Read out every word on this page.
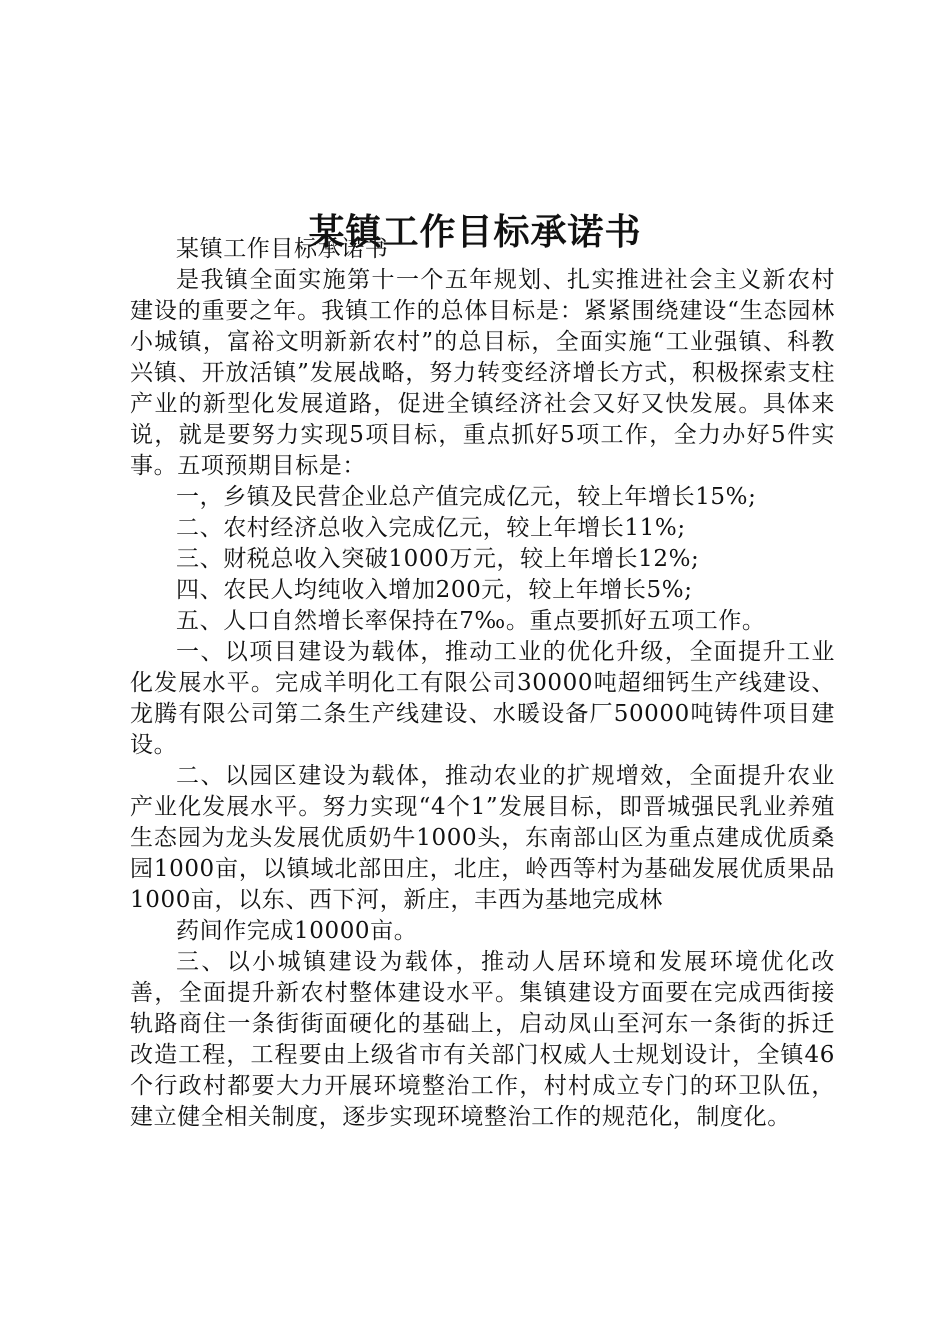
某镇工作目标承诺书

某镇工作目标承诺书

是我镇全面实施第十一个五年规划、扎实推进社会主义新农村建设的重要之年。我镇工作的总体目标是：紧紧围绕建设“生态园林小城镇，富裕文明新新农村”的总目标，全面实施“工业强镇、科教兴镇、开放活镇”发展战略，努力转变经济增长方式，积极探索支柱产业的新型化发展道路，促进全镇经济社会又好又快发展。具体来说，就是要努力实现5项目标，重点抓好5项工作，全力办好5件实事。五项预期目标是：

一，乡镇及民营企业总产值完成亿元，较上年增长15%;

二、农村经济总收入完成亿元，较上年增长11%;

三、财税总收入突破1000万元，较上年增长12%;

四、农民人均纯收入增加200元，较上年增长5%;

五、人口自然增长率保持在7‰。重点要抓好五项工作。

一、以项目建设为载体，推动工业的优化升级，全面提升工业化发展水平。完成羊明化工有限公司30000吨超细钙生产线建设、龙腾有限公司第二条生产线建设、水暖设备厂50000吨铸件项目建设。

二、以园区建设为载体，推动农业的扩规增效，全面提升农业产业化发展水平。努力实现“4个1”发展目标，即晋城强民乳业养殖生态园为龙头发展优质奶牛1000头，东南部山区为重点建成优质桑园1000亩，以镇域北部田庄，北庄，岭西等村为基础发展优质果品1000亩，以东、西下河，新庄，丰西为基地完成林

药间作完成10000亩。

三、以小城镇建设为载体，推动人居环境和发展环境优化改善，全面提升新农村整体建设水平。集镇建设方面要在完成西街接轨路商住一条街街面硬化的基础上，启动凤山至河东一条街的拆迁改造工程，工程要由上级省市有关部门权威人士规划设计，全镇46个行政村都要大力开展环境整治工作，村村成立专门的环卫队伍，建立健全相关制度，逐步实现环境整治工作的规范化，制度化。
